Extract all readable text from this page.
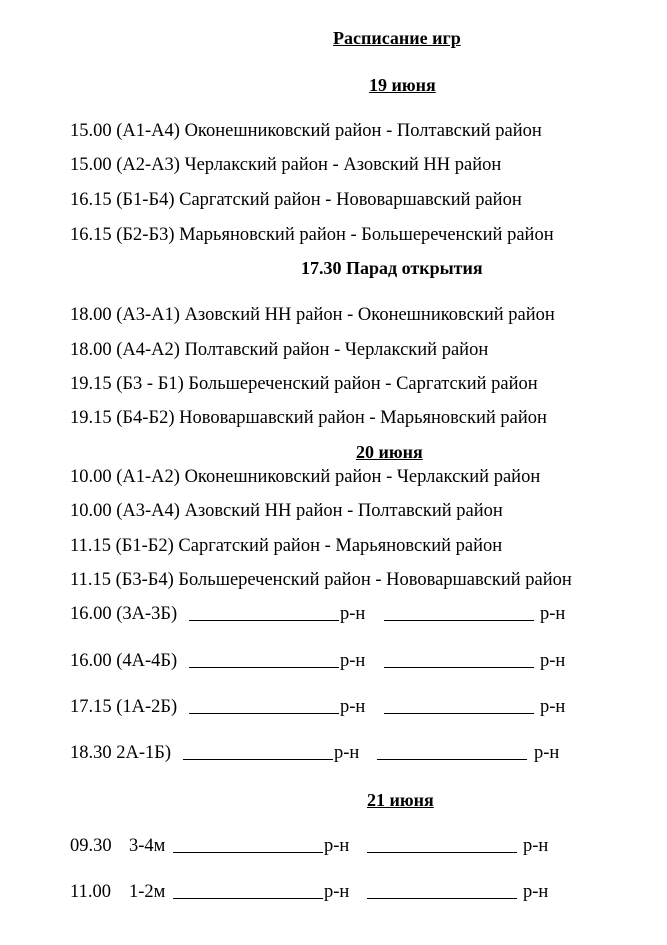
Расписание игр
19 июня
15.00 (А1-А4) Оконешниковский район - Полтавский район
15.00 (А2-А3) Черлакский район - Азовский НН район
16.15 (Б1-Б4) Саргатский район - Нововаршавский район
16.15 (Б2-Б3) Марьяновский район - Большереченский район
17.30 Парад открытия
18.00 (А3-А1) Азовский НН район - Оконешниковский район
18.00 (А4-А2) Полтавский район - Черлакский район
19.15 (Б3 - Б1) Большереченский район - Саргатский район
19.15 (Б4-Б2) Нововаршавский район - Марьяновский район
20 июня
10.00 (А1-А2) Оконешниковский район - Черлакский район
10.00 (А3-А4) Азовский НН район - Полтавский район
11.15 (Б1-Б2) Саргатский район - Марьяновский район
11.15 (Б3-Б4) Большереченский район - Нововаршавский район
16.00 (3А-3Б)	р-н	р-н
16.00 (4А-4Б)	р-н	р-н
17.15 (1А-2Б)	р-н	р-н
18.30 2А-1Б)	р-н	р-н
21 июня
09.30 3-4м	р-н	р-н
11.00 1-2м	р-н	р-н
